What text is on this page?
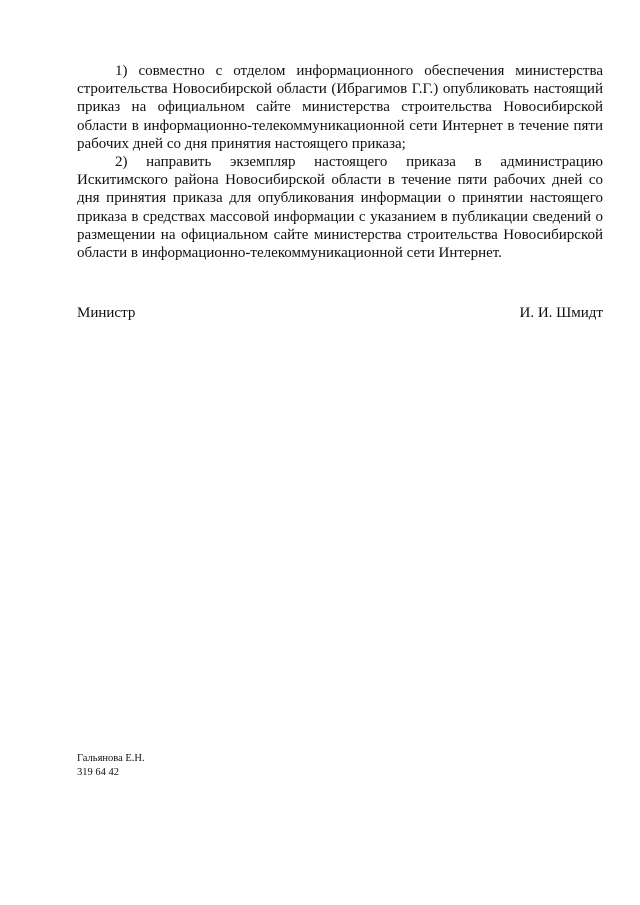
1) совместно с отделом информационного обеспечения министерства строительства Новосибирской области (Ибрагимов Г.Г.) опубликовать настоящий приказ на официальном сайте министерства строительства Новосибирской области в информационно-телекоммуникационной сети Интернет в течение пяти рабочих дней со дня принятия настоящего приказа;

2) направить экземпляр настоящего приказа в администрацию Искитимского района Новосибирской области в течение пяти рабочих дней со дня принятия приказа для опубликования информации о принятии настоящего приказа в средствах массовой информации с указанием в публикации сведений о размещении на официальном сайте министерства строительства Новосибирской области в информационно-телекоммуникационной сети Интернет.

Министр	И. И. Шмидт
Гальянова Е.Н.
319 64 42
